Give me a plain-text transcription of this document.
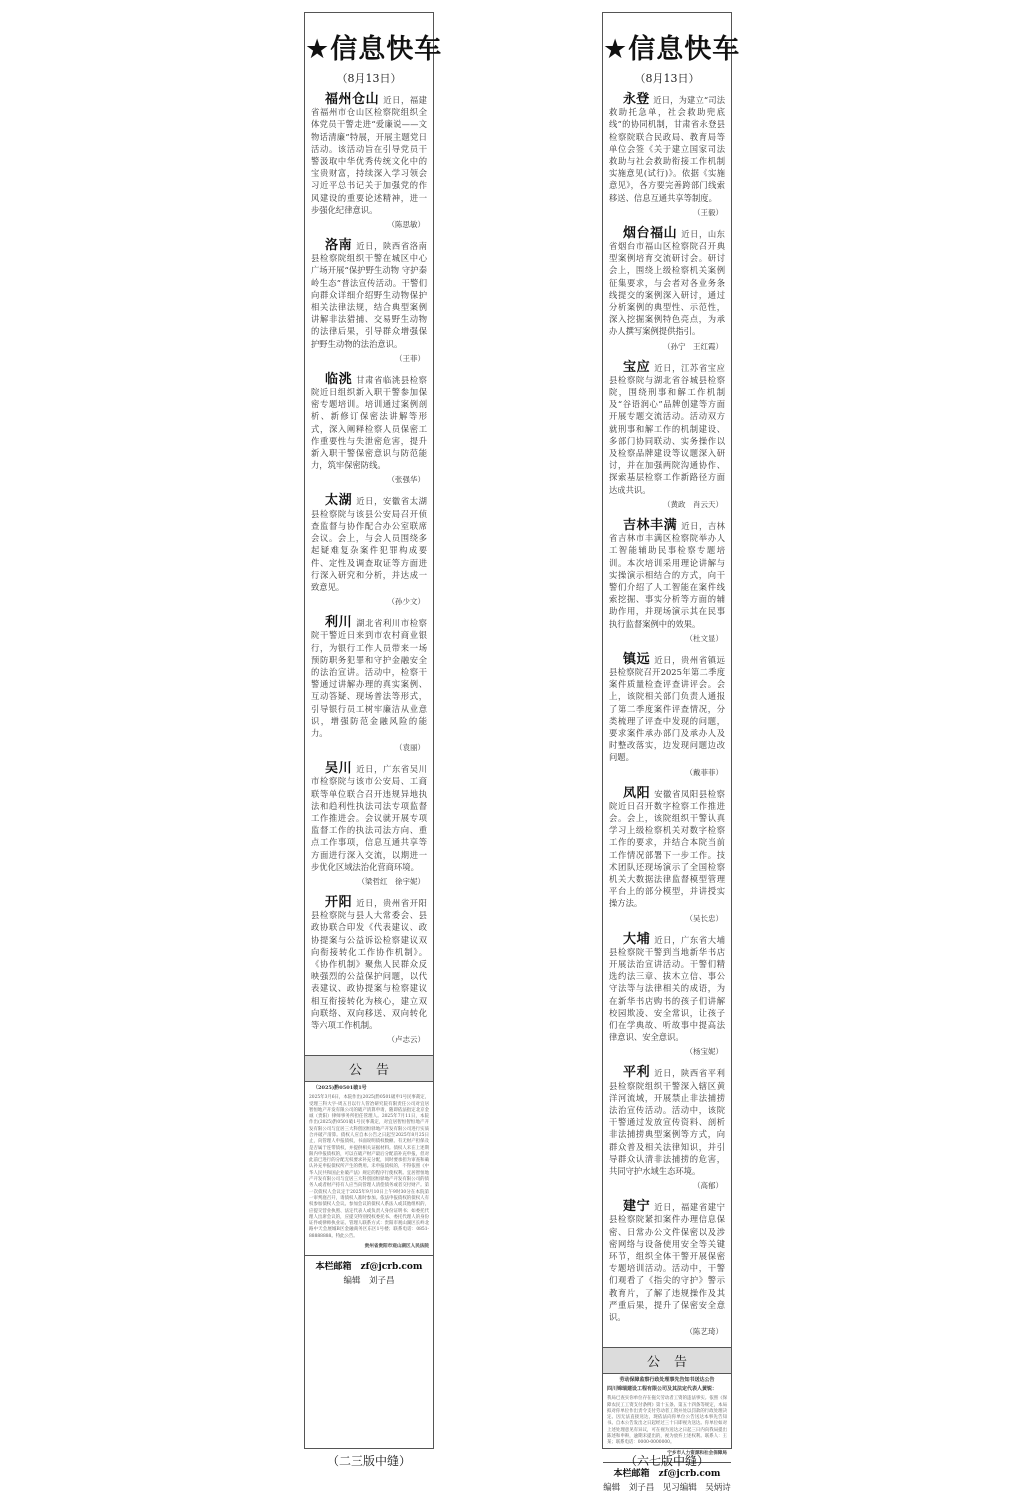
★信息快车
（8月13日）

福州仓山 近日，福建省福州市仓山区检察院组织全体党员干警走进“爱廉说——文物话清廉”特展，开展主题党日活动。该活动旨在引导党员干警汲取中华优秀传统文化中的宝贵财富，持续深入学习领会习近平总书记关于加强党的作风建设的重要论述精神，进一步强化纪律意识。

（陈思敏）

洛南 近日，陕西省洛南县检察院组织干警在城区中心广场开展“保护野生动物 守护秦岭生态”普法宣传活动。干警们向群众详细介绍野生动物保护相关法律法规，结合典型案例讲解非法猎捕、交易野生动物的法律后果，引导群众增强保护野生动物的法治意识。

（王菲）

临洮 甘肃省临洮县检察院近日组织新入职干警参加保密专题培训。培训通过案例剖析、新修订保密法讲解等形式，深入阐释检察人员保密工作重要性与失泄密危害，提升新入职干警保密意识与防范能力，筑牢保密防线。

（张强华）

太湖 近日，安徽省太湖县检察院与该县公安局召开侦查监督与协作配合办公室联席会议。会上，与会人员围绕多起疑难复杂案件犯罪构成要件、定性及调查取证等方面进行深入研究和分析，并达成一致意见。

（孙少文）

利川 湖北省利川市检察院干警近日来到市农村商业银行，为银行工作人员带来一场预防职务犯罪和守护金融安全的法治宣讲。活动中，检察干警通过讲解办理的真实案例、互动答疑、现场普法等形式，引导银行员工树牢廉洁从业意识，增强防范金融风险的能力。

（袁丽）

吴川 近日，广东省吴川市检察院与该市公安局、工商联等单位联合召开违规异地执法和趋利性执法司法专项监督工作推进会。会议就开展专项监督工作的执法司法方向、重点工作事项，信息互通共享等方面进行深入交流，以期进一步优化区域法治化营商环境。

（梁哲红　徐宇妮）

开阳 近日，贵州省开阳县检察院与县人大常委会、县政协联合印发《代表建议、政协提案与公益诉讼检察建议双向衔接转化工作协作机制》。《协作机制》聚焦人民群众反映强烈的公益保护问题，以代表建议、政协提案与检察建议相互衔接转化为核心，建立双向联络、双向移送、双向转化等六项工作机制。

（卢志云）
公告
（2025)黔0501破1号

2025年3月6日，本院作出(2025)黔0501破申1号民事裁定，受理三科大字-周五目以行人管冶研究院有限责任公司对宜居智恒地产开发有限公司的破产清算申请，随即依法指定北京金诚（贵阳）律师事务所担任管理人。2025年7月11日，本院作出(2025)黔0501破1号民事裁定，对宜居智恒智恒地产开发有限公司与宜居三大科创园恒驿地产开发有限公司进行实质合并破产清算。债权人应自本公告之日起至2025年8月25日止，向管理人申报债权，书面说明债权数额、有无财产担保及是否属于连带债权，并提供相关证据材料。债权人未在上述期限内申报债权的，可以在破产财产最后分配前补充申报，但对此前已进行的分配无权要求补充分配，同时要承担为审查和确认补充申报债权所产生的费用。未申报债权的，不得依照《中华人民共和国企业破产法》规定的程序行使权利。宜居智恒地产开发有限公司与宜居三大科创园恒驿地产开发有限公司的债务人或者财产持有人应当向管理人清偿债务或者交付财产。第一次债权人会议定于2025年9月10日上午9时30分在本院第一审判庭召开，请债权人准时参加。依法申报债权的债权人有权参加债权人会议。参加会议的债权人系法人或其他组织的，应提交营业执照、法定代表人或负责人身份证明书；如委托代理人出席会议的，应提交特别授权委托书、委托代理人的身份证件或律师执业证。管理人联系方式：贵阳市观山湖区长岭北路中天会展城B区金融商务区东区1号楼；联系电话：0851-88888888。特此公告。

贵州省贵阳市观山湖区人民法院
本栏邮箱　zf@jcrb.com
编辑　刘子昌
★信息快车
（8月13日）

永登 近日，为建立“司法救助托急单，社会救助兜底线”的协同机制，甘肃省永登县检察院联合民政局、教育局等单位会签《关于建立国家司法救助与社会救助衔接工作机制实施意见(试行)》。依据《实施意见》，各方要完善跨部门线索移送、信息互通共享等制度。

（王毅）

烟台福山 近日，山东省烟台市福山区检察院召开典型案例培育交流研讨会。研讨会上，围绕上级检察机关案例征集要求，与会者对各业务条线提交的案例深入研讨，通过分析案例的典型性、示范性，深入挖掘案例特色亮点，为承办人撰写案例提供指引。

（孙宁　王红霞）

宝应 近日，江苏省宝应县检察院与湖北省谷城县检察院，围绕刑事和解工作机制及“谷语润心”品牌创建等方面开展专题交流活动。活动双方就刑事和解工作的机制建设、多部门协同联动、实务操作以及检察品牌建设等议题深入研讨，并在加强两院沟通协作、探索基层检察工作新路径方面达成共识。

（黄政　肖云天）

吉林丰满 近日，吉林省吉林市丰满区检察院举办人工智能辅助民事检察专题培训。本次培训采用理论讲解与实操演示相结合的方式，向干警们介绍了人工智能在案件线索挖掘、事实分析等方面的辅助作用，并现场演示其在民事执行监督案例中的效果。

（杜文显）

镇远 近日，贵州省镇远县检察院召开2025年第二季度案件质量检查评查讲评会。会上，该院相关部门负责人通报了第二季度案件评查情况，分类梳理了评查中发现的问题，要求案件承办部门及承办人及时整改落实，边发现问题边改问题。

（戴菲菲）

凤阳 安徽省凤阳县检察院近日召开数字检察工作推进会。会上，该院组织干警认真学习上级检察机关对数字检察工作的要求，并结合本院当前工作情况部署下一步工作。技术团队还现场演示了全国检察机关大数据法律监督模型管理平台上的部分模型，并讲授实操方法。

（吴长忠）

大埔 近日，广东省大埔县检察院干警到当地新华书店开展法治宣讲活动。干警们精选约法三章、拔木立信、事公守法等与法律相关的成语，为在新华书店购书的孩子们讲解校园欺凌、安全常识，让孩子们在学典故、听故事中提高法律意识、安全意识。

（杨宝妮）

平利 近日，陕西省平利县检察院组织干警深入辖区黄洋河流域，开展禁止非法捕捞法治宣传活动。活动中，该院干警通过发放宣传资料、剖析非法捕捞典型案例等方式，向群众普及相关法律知识，并引导群众认清非法捕捞的危害，共同守护水域生态环境。

（高郁）

建宁 近日，福建省建宁县检察院紧扣案件办理信息保密、日常办公文件保密以及涉密网络与设备使用安全等关键环节，组织全体干警开展保密专题培训活动。活动中，干警们观看了《指尖的守护》警示教育片，了解了违规操作及其严重后果，提升了保密安全意识。

（陈艺琦）
公告
劳动保障监察行政处理事先告知书送达公告
四川锦瑞建设工程有限公司及其法定代表人黄锐：

我局已查实你单位存在拖欠劳动者工资的违法事实。依照《保障农民工工资支付条例》第十五条、第五十四条等规定，本局拟对你单位作出责令支付劳动者工资并处以罚款的行政处理决定。因无法直接送达，现依法向你单位公告送达本事先告知书。自本公告发出之日起经过三十日即视为送达。你单位如对上述处理意见有异议，可在视为送达之日起三日内向我局提出陈述和申辩，逾期未提出的，视为放弃上述权利。联系人：王某；联系电话：0000-0000000。

宁乡市人力资源和社会保障局
本栏邮箱　zf@jcrb.com
编辑　刘子昌　见习编辑　吴炳诗
（二三版中缝）	（六七版中缝）
